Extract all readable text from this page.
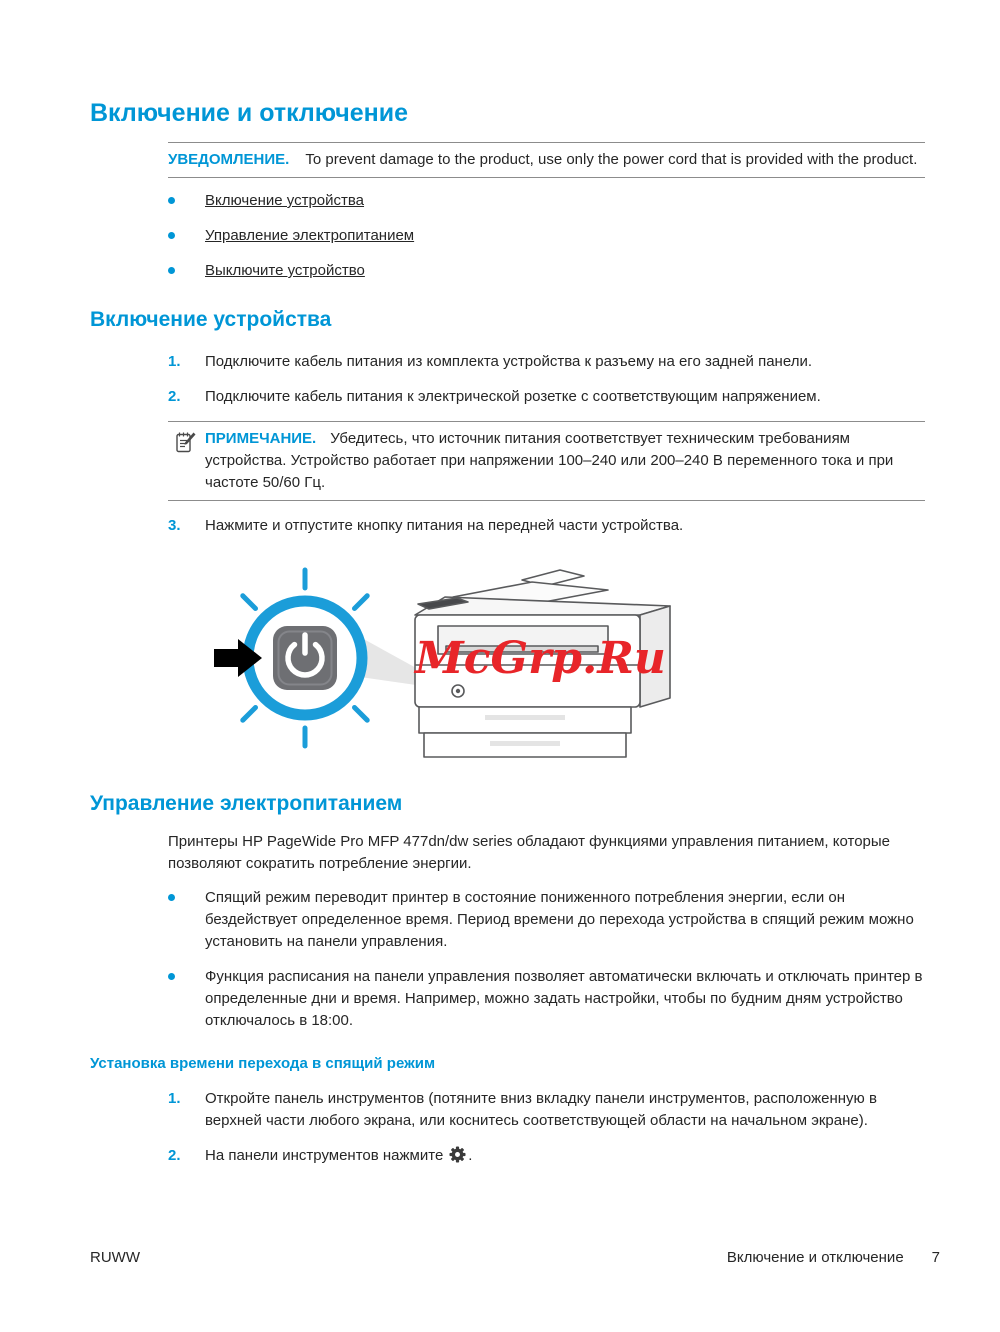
Включение и отключение
УВЕДОМЛЕНИЕ. To prevent damage to the product, use only the power cord that is provided with the product.
Включение устройства
Управление электропитанием
Выключите устройство
Включение устройства
1.	Подключите кабель питания из комплекта устройства к разъему на его задней панели.
2.	Подключите кабель питания к электрической розетке с соответствующим напряжением.
ПРИМЕЧАНИЕ. Убедитесь, что источник питания соответствует техническим требованиям устройства. Устройство работает при напряжении 100–240 или 200–240 В переменного тока и при частоте 50/60 Гц.
3.	Нажмите и отпустите кнопку питания на передней части устройства.
McGrp.Ru
Управление электропитанием

Принтеры HP PageWide Pro MFP 477dn/dw series обладают функциями управления питанием, которые позволяют сократить потребление энергии.

Спящий режим переводит принтер в состояние пониженного потребления энергии, если он бездействует определенное время. Период времени до перехода устройства в спящий режим можно установить на панели управления.
Функция расписания на панели управления позволяет автоматически включать и отключать принтер в определенные дни и время. Например, можно задать настройки, чтобы по будним дням устройство отключалось в 18:00.
Установка времени перехода в спящий режим
1.	Откройте панель инструментов (потяните вниз вкладку панели инструментов, расположенную в верхней части любого экрана, или коснитесь соответствующей области на начальном экране).
2.	На панели инструментов нажмите .
RUWW	Включение и отключение 7
